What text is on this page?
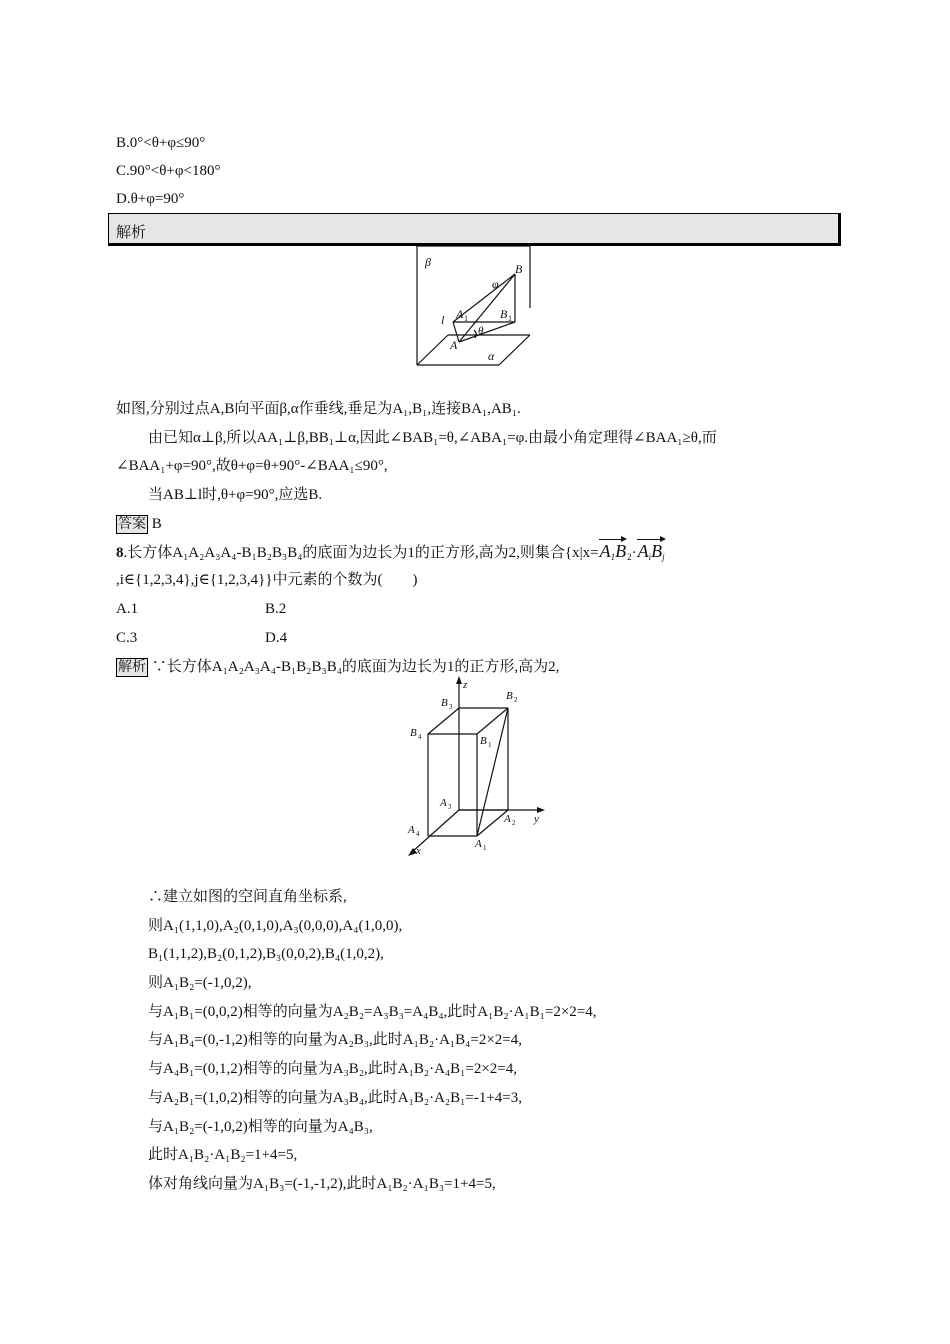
B.0°<θ+φ≤90°
C.90°<θ+φ<180°
D.θ+φ=90°
解析
β	B
φ
l A 1	B 1
θ
A
α
如图,分别过点A,B向平面β,α作垂线,垂足为A₁,B₁,连接BA₁,AB₁.
由已知α⊥β,所以AA₁⊥β,BB₁⊥α,因此∠BAB₁=θ,∠ABA₁=φ.由最小角定理得∠BAA₁≥θ,而
∠BAA₁+φ=90°,故θ+φ=θ+90°-∠BAA₁≤90°,
当AB⊥l时,θ+φ=90°,应选B.
答案 B
8.长方体A₁A₂A₃A₄-B₁B₂B₃B₄的底面为边长为1的正方形,高为2,则集合{$x|x=A_1B_2\cdot A_iB_j$
,i∈{1,2,3,4},j∈{1,2,3,4}}中元素的个数为(　　)
A.1	B.2
C.3	D.4
解析 ∵长方体A₁A₂A₃A₄-B₁B₂B₃B₄的底面为边长为1的正方形,高为2,
z
y
x
B 3
B 2
B 4	B 1
A 3
A 2
A 4
A 1
∴建立如图的空间直角坐标系,
则A₁(1,1,0),A₂(0,1,0),A₃(0,0,0),A₄(1,0,0),
B₁(1,1,2),B₂(0,1,2),B₃(0,0,2),B₄(1,0,2),
则A₁B₂=(-1,0,2),
与A₁B₁=(0,0,2)相等的向量为A₂B₂=A₃B₃=A₄B₄,此时A₁B₂·A₁B₁=2×2=4,
与A₁B₄=(0,-1,2)相等的向量为A₂B₃,此时A₁B₂·A₁B₄=2×2=4,
与A₄B₁=(0,1,2)相等的向量为A₃B₂,此时A₁B₂·A₄B₁=2×2=4,
与A₂B₁=(1,0,2)相等的向量为A₃B₄,此时A₁B₂·A₂B₁=-1+4=3,
与A₁B₂=(-1,0,2)相等的向量为A₄B₃,
此时A₁B₂·A₁B₂=1+4=5,
体对角线向量为A₁B₃=(-1,-1,2),此时A₁B₂·A₁B₃=1+4=5,
